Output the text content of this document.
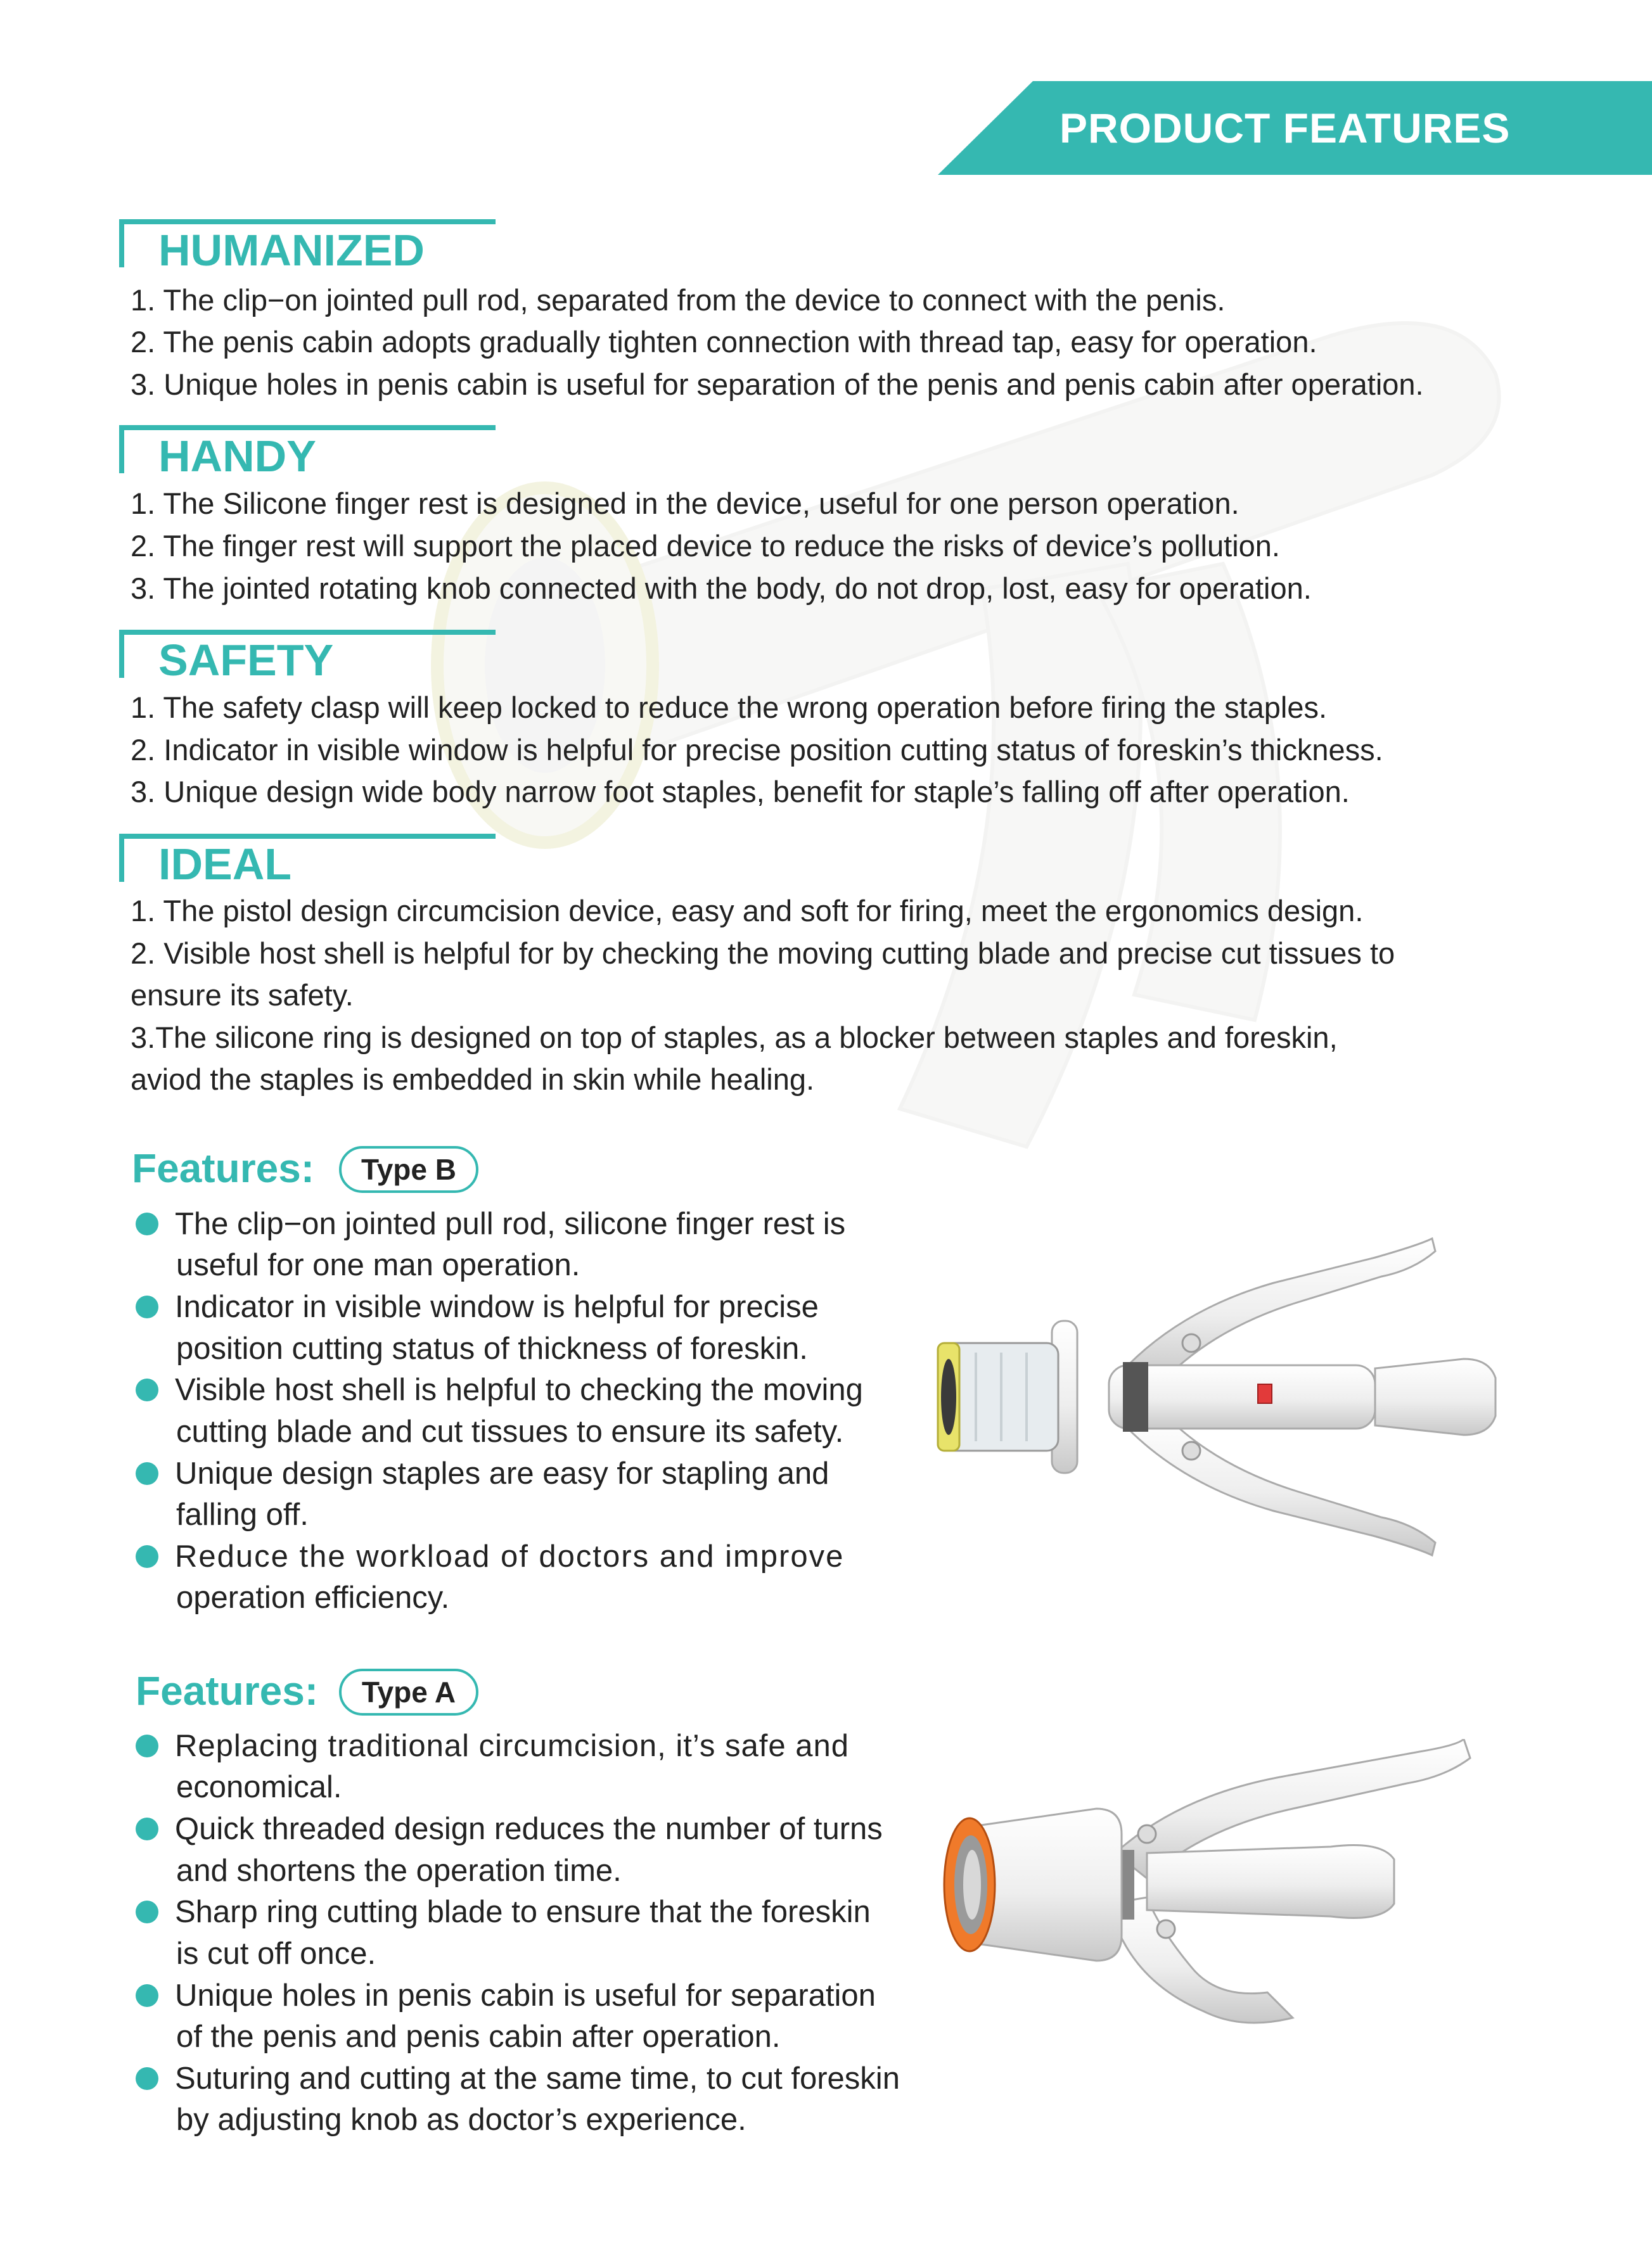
PRODUCT FEATURES
HUMANIZED
1. The clip−on jointed pull rod, separated from the device to connect with the penis.
2. The penis cabin adopts gradually tighten connection with thread tap, easy for operation.
3. Unique holes in penis cabin is useful for separation of the penis and penis cabin after operation.
HANDY
1. The Silicone finger rest is designed in the device, useful for one person operation.
2. The finger rest will support the placed device to reduce the risks of device’s pollution.
3. The jointed rotating knob connected with the body, do not drop, lost, easy for operation.
SAFETY
1. The safety clasp will keep locked to reduce the wrong operation before firing the staples.
2. Indicator in visible window is helpful for precise position cutting status of foreskin’s thickness.
3. Unique design wide body narrow foot staples, benefit for staple’s falling off after operation.
IDEAL
1. The pistol design circumcision device, easy and soft for firing, meet the ergonomics design.
2. Visible host shell is helpful for by checking the moving cutting blade and precise cut tissues to
ensure its safety.
3.The silicone ring is designed on top of staples, as a blocker between staples and foreskin,
aviod the staples is embedded in skin while healing.
Features:	Type B
The clip−on jointed pull rod, silicone finger rest is
useful for one man operation.
Indicator in visible window is helpful for precise
position cutting status of thickness of foreskin.
Visible host shell is helpful to checking the moving
cutting blade and cut tissues to ensure its safety.
Unique design staples are easy for stapling and
falling off.
Reduce the workload of doctors and improve
operation efficiency.
Features:	Type A
Replacing traditional circumcision, it’s safe and
economical.
Quick threaded design reduces the number of turns
and shortens the operation time.
Sharp ring cutting blade to ensure that the foreskin
is cut off once.
Unique holes in penis cabin is useful for separation
of the penis and penis cabin after operation.
Suturing and cutting at the same time, to cut foreskin
by adjusting knob as doctor’s experience.
